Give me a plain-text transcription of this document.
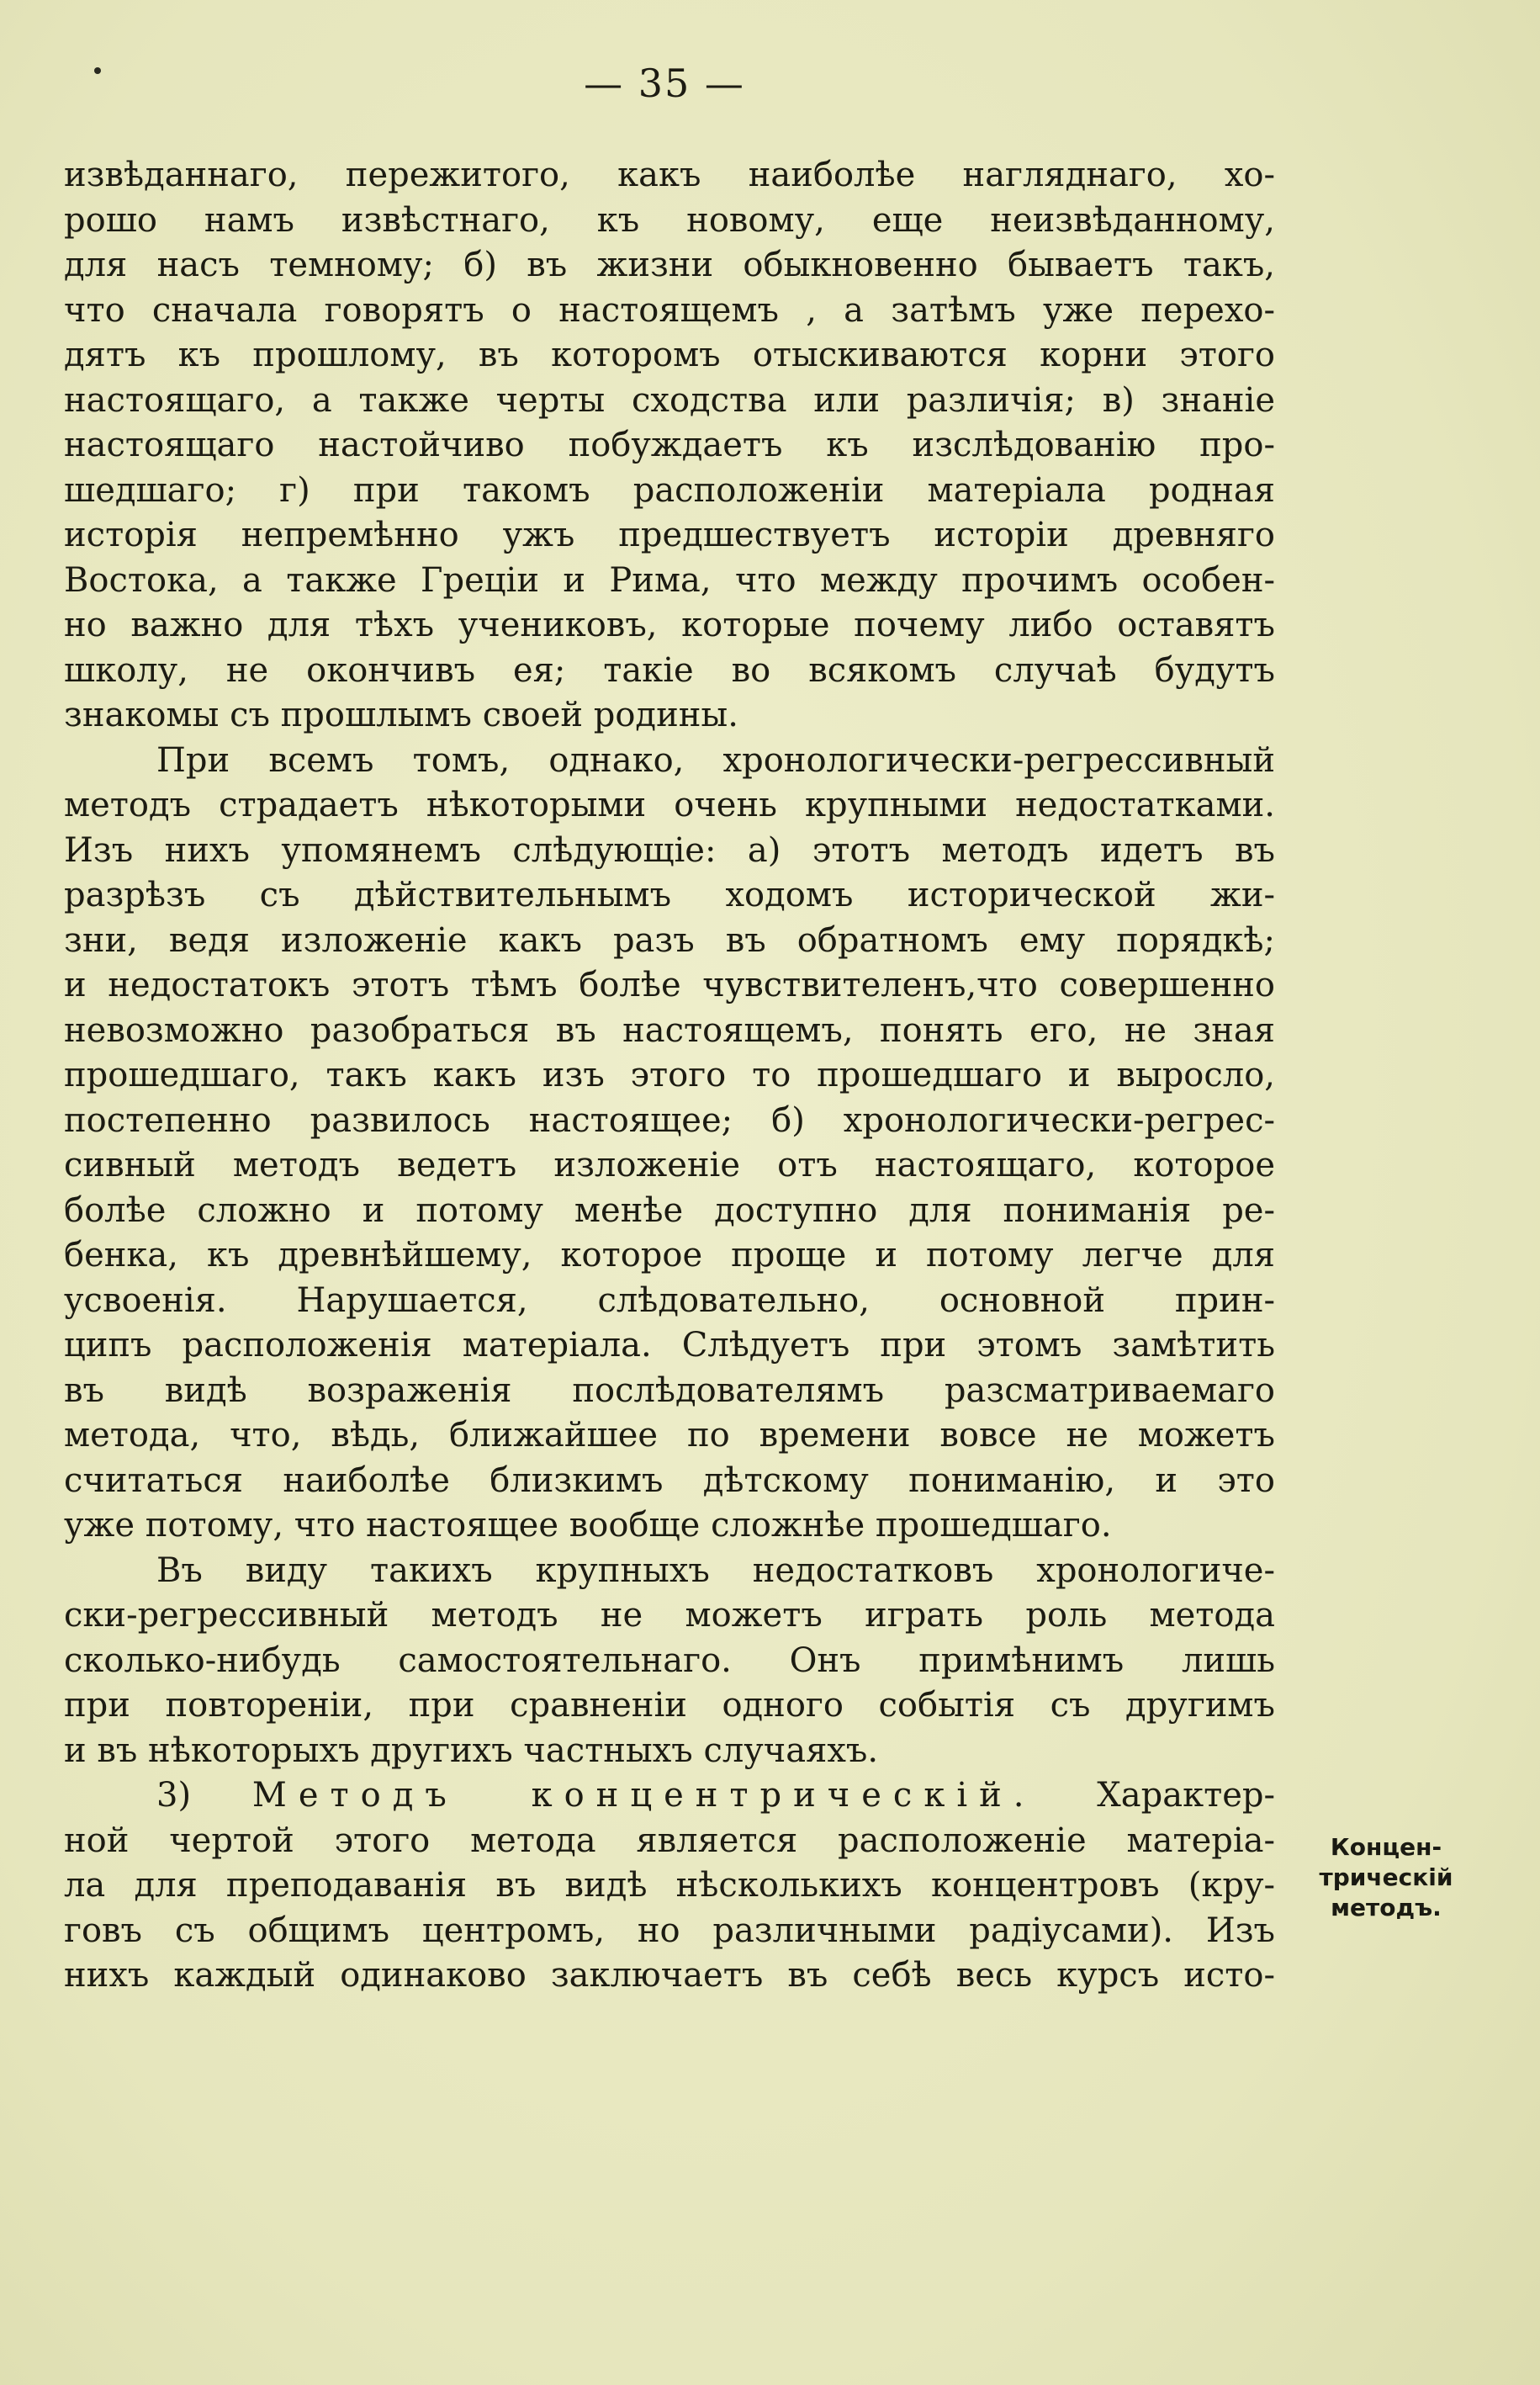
— 35 —
извѣданнаго, пережитого, какъ наиболѣе нагляднаго, хо-
рошо намъ извѣстнаго, къ новому, еще неизвѣданному,
для насъ темному; б) въ жизни обыкновенно бываетъ такъ,
что сначала говорятъ о настоящемъ , а затѣмъ уже перехо-
дятъ къ прошлому, въ которомъ отыскиваются корни этого
настоящаго, а также черты сходства или различія; в) знаніе
настоящаго настойчиво побуждаетъ къ изслѣдованію про-
шедшаго; г) при такомъ расположеніи матеріала родная
исторія непремѣнно ужъ предшествуетъ исторіи древняго
Востока, а также Греціи и Рима, что между прочимъ особен-
но важно для тѣхъ учениковъ, которые почему либо оставятъ
школу, не окончивъ ея; такіе во всякомъ случаѣ будутъ
знакомы съ прошлымъ своей родины.
При всемъ томъ, однако, хронологически-регрессивный
методъ страдаетъ нѣкоторыми очень крупными недостатками.
Изъ нихъ упомянемъ слѣдующіе: а) этотъ методъ идетъ въ
разрѣзъ съ дѣйствительнымъ ходомъ исторической жи-
зни, ведя изложеніе какъ разъ въ обратномъ ему порядкѣ;
и недостатокъ этотъ тѣмъ болѣе чувствителенъ,что совершенно
невозможно разобраться въ настоящемъ, понять его, не зная
прошедшаго, такъ какъ изъ этого то прошедшаго и выросло,
постепенно развилось настоящее; б) хронологически-регрес-
сивный методъ ведетъ изложеніе отъ настоящаго, которое
болѣе сложно и потому менѣе доступно для пониманія ре-
бенка, къ древнѣйшему, которое проще и потому легче для
усвоенія. Нарушается, слѣдовательно, основной прин-
ципъ расположенія матеріала. Слѣдуетъ при этомъ замѣтить
въ видѣ возраженія послѣдователямъ разсматриваемаго
метода, что, вѣдь, ближайшее по времени вовсе не можетъ
считаться наиболѣе близкимъ дѣтскому пониманію, и это
уже потому, что настоящее вообще сложнѣе прошедшаго.
Въ виду такихъ крупныхъ недостатковъ хронологиче-
ски-регрессивный методъ не можетъ играть роль метода
сколько-нибудь самостоятельнаго. Онъ примѣнимъ лишь
при повтореніи, при сравненіи одного событія съ другимъ
и въ нѣкоторыхъ другихъ частныхъ случаяхъ.
3) Методъ концентрическій. Характер-
ной чертой этого метода является расположеніе матеріа-
ла для преподаванія въ видѣ нѣсколькихъ концентровъ (кру-
говъ съ общимъ центромъ, но различными радіусами). Изъ
нихъ каждый одинаково заключаетъ въ себѣ весь курсъ исто-
Концен-
трическій
методъ.
